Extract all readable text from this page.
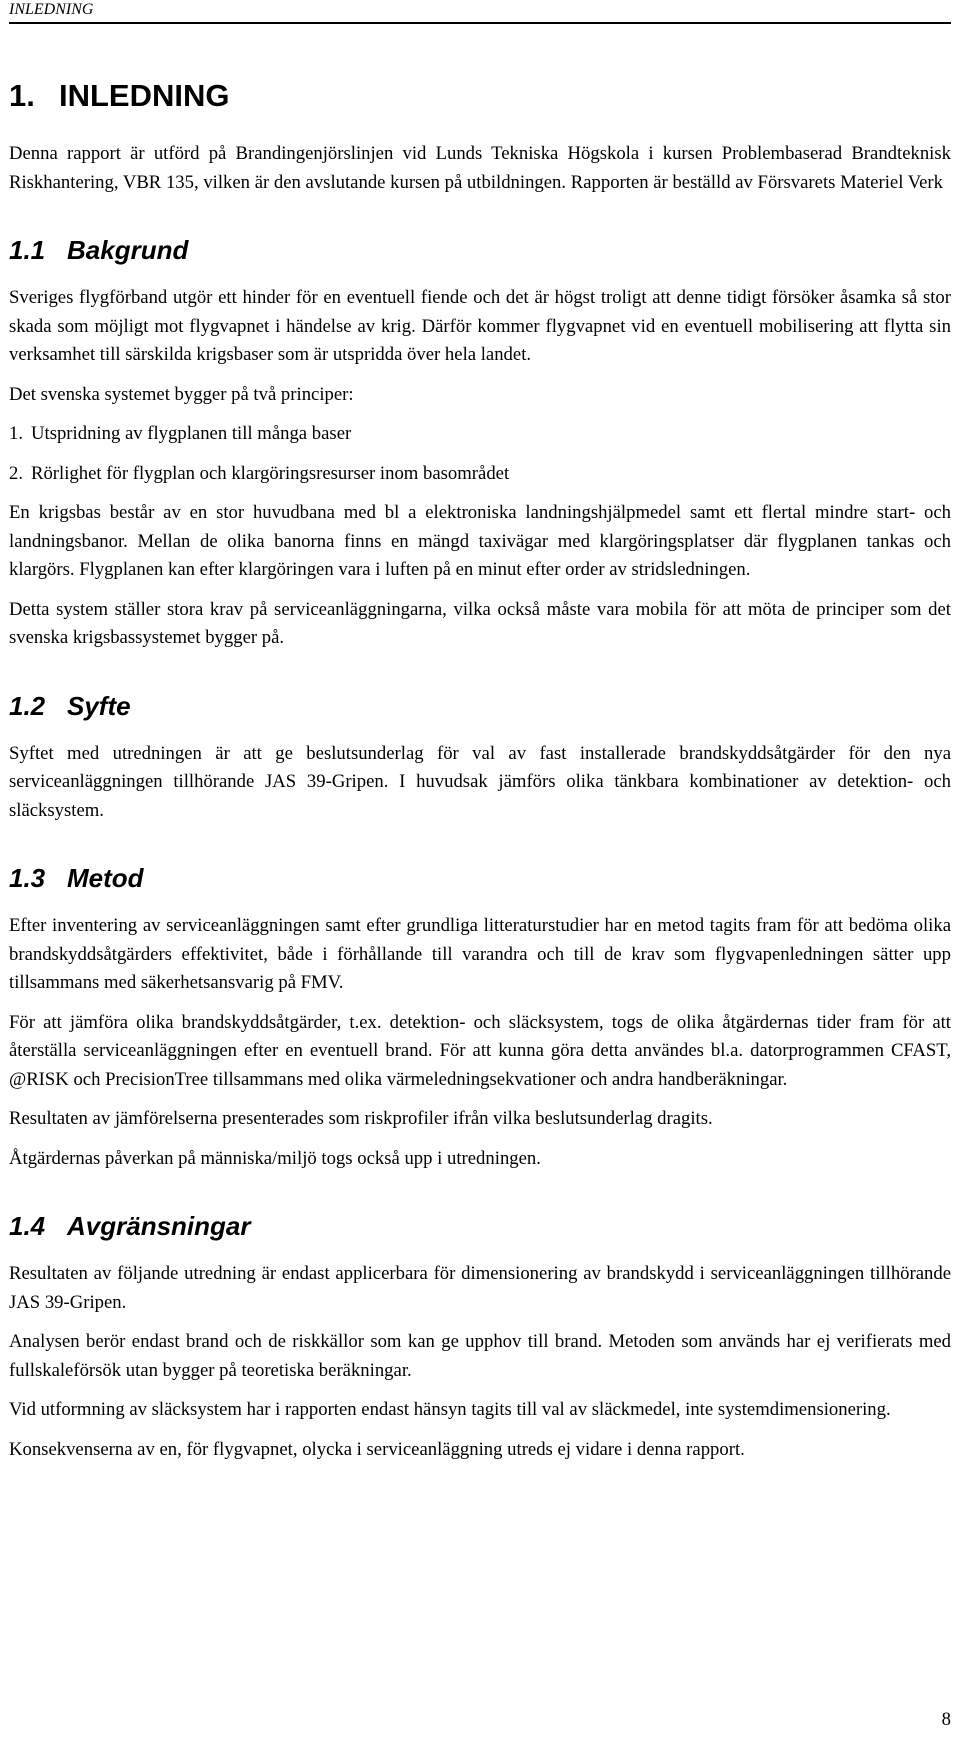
INLEDNING
1. INLEDNING

Denna rapport är utförd på Brandingenjörslinjen vid Lunds Tekniska Högskola i kursen Problembaserad Brandteknisk Riskhantering, VBR 135, vilken är den avslutande kursen på utbildningen. Rapporten är beställd av Försvarets Materiel Verk

1.1 Bakgrund

Sveriges flygförband utgör ett hinder för en eventuell fiende och det är högst troligt att denne tidigt försöker åsamka så stor skada som möjligt mot flygvapnet i händelse av krig. Därför kommer flygvapnet vid en eventuell mobilisering att flytta sin verksamhet till särskilda krigsbaser som är utspridda över hela landet.

Det svenska systemet bygger på två principer:

1. Utspridning av flygplanen till många baser
2. Rörlighet för flygplan och klargöringsresurser inom basområdet

En krigsbas består av en stor huvudbana med bl a elektroniska landningshjälpmedel samt ett flertal mindre start- och landningsbanor. Mellan de olika banorna finns en mängd taxivägar med klargöringsplatser där flygplanen tankas och klargörs. Flygplanen kan efter klargöringen vara i luften på en minut efter order av stridsledningen.

Detta system ställer stora krav på serviceanläggningarna, vilka också måste vara mobila för att möta de principer som det svenska krigsbassystemet bygger på.

1.2 Syfte

Syftet med utredningen är att ge beslutsunderlag för val av fast installerade brandskyddsåtgärder för den nya serviceanläggningen tillhörande JAS 39-Gripen. I huvudsak jämförs olika tänkbara kombinationer av detektion- och släcksystem.

1.3 Metod

Efter inventering av serviceanläggningen samt efter grundliga litteraturstudier har en metod tagits fram för att bedöma olika brandskyddsåtgärders effektivitet, både i förhållande till varandra och till de krav som flygvapenledningen sätter upp tillsammans med säkerhetsansvarig på FMV.

För att jämföra olika brandskyddsåtgärder, t.ex. detektion- och släcksystem, togs de olika åtgärdernas tider fram för att återställa serviceanläggningen efter en eventuell brand. För att kunna göra detta användes bl.a. datorprogrammen CFAST, @RISK och PrecisionTree tillsammans med olika värmeledningsekvationer och andra handberäkningar.

Resultaten av jämförelserna presenterades som riskprofiler ifrån vilka beslutsunderlag dragits.

Åtgärdernas påverkan på människa/miljö togs också upp i utredningen.

1.4 Avgränsningar

Resultaten av följande utredning är endast applicerbara för dimensionering av brandskydd i serviceanläggningen tillhörande JAS 39-Gripen.

Analysen berör endast brand och de riskkällor som kan ge upphov till brand. Metoden som används har ej verifierats med fullskaleförsök utan bygger på teoretiska beräkningar.

Vid utformning av släcksystem har i rapporten endast hänsyn tagits till val av släckmedel, inte systemdimensionering.

Konsekvenserna av en, för flygvapnet, olycka i serviceanläggning utreds ej vidare i denna rapport.

8
